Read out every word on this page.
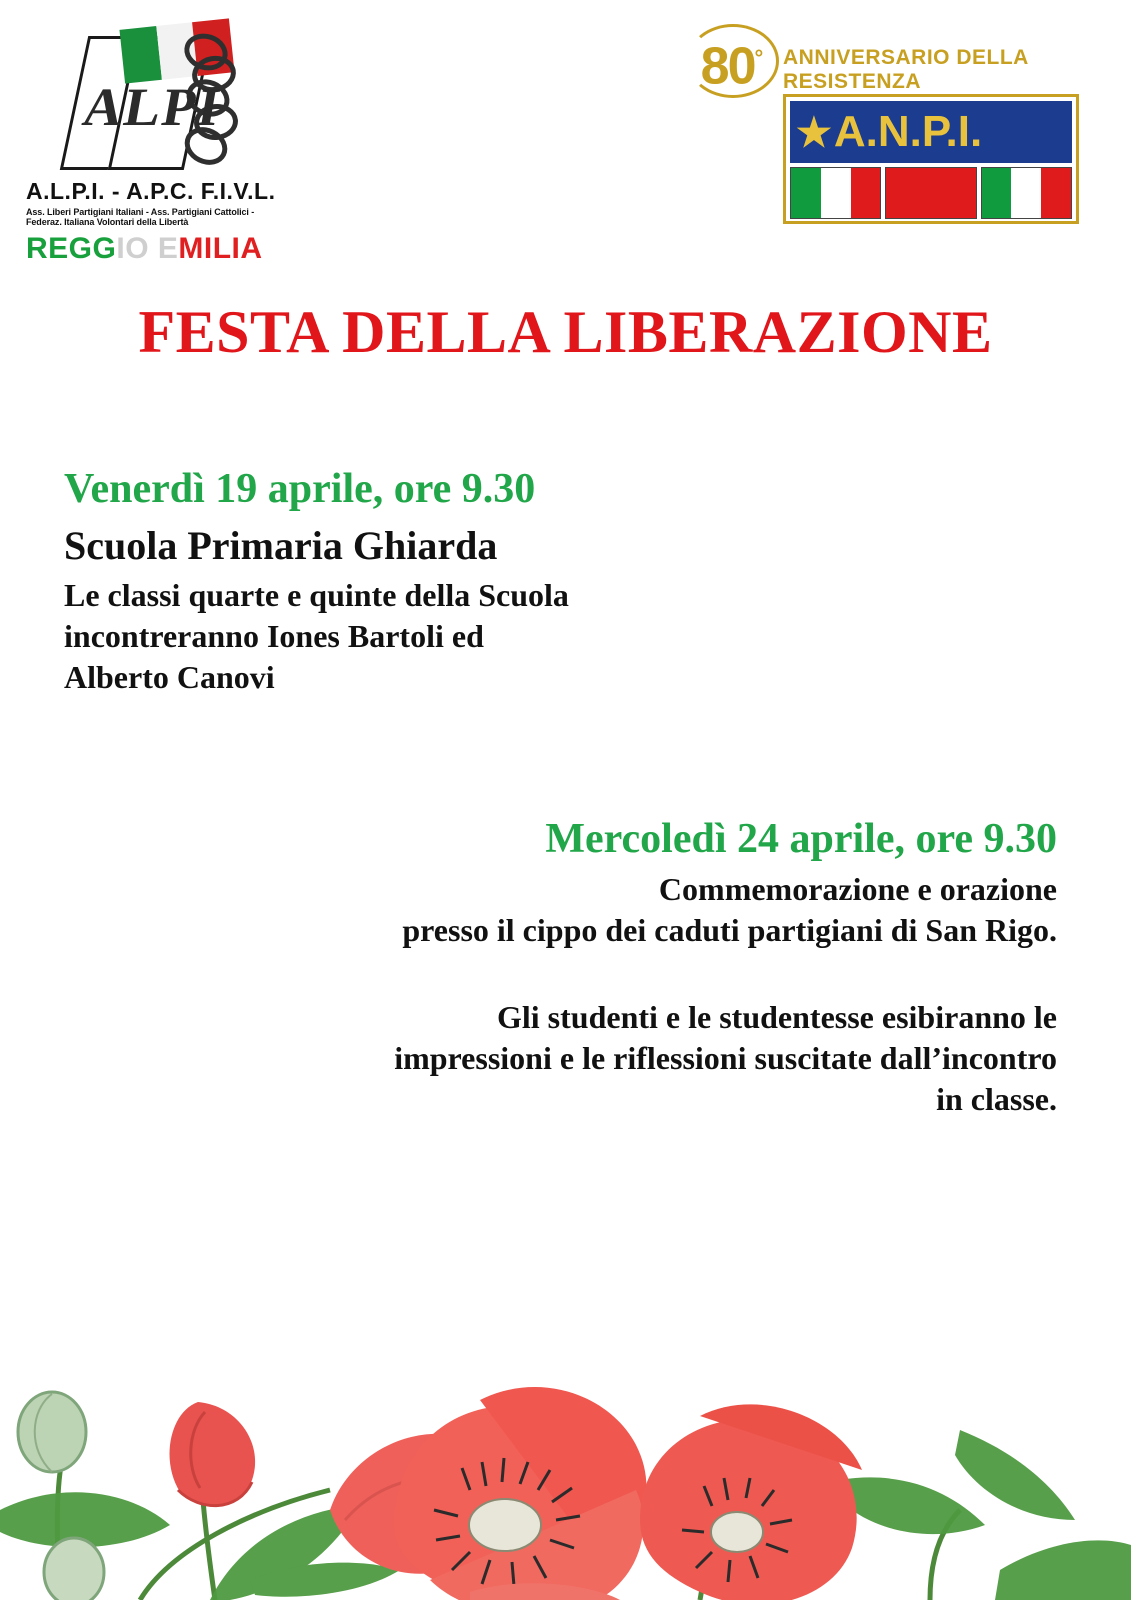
ALPI
A.L.P.I. - A.P.C. F.I.V.L.
Ass. Liberi Partigiani Italiani - Ass. Partigiani Cattolici - Federaz. Italiana Volontari della Libertà
REGGIO EMILIA
80°	ANNIVERSARIO DELLA RESISTENZA
★A.N.P.I.
FESTA DELLA LIBERAZIONE
Venerdì 19 aprile, ore 9.30
Scuola Primaria Ghiarda
Le classi quarte e quinte della Scuola
incontreranno Iones Bartoli ed
Alberto Canovi
Mercoledì 24 aprile, ore 9.30
Commemorazione e orazione
presso il cippo dei caduti partigiani di San Rigo.
Gli studenti e le studentesse esibiranno le
impressioni e le riflessioni suscitate dall’incontro
in classe.
